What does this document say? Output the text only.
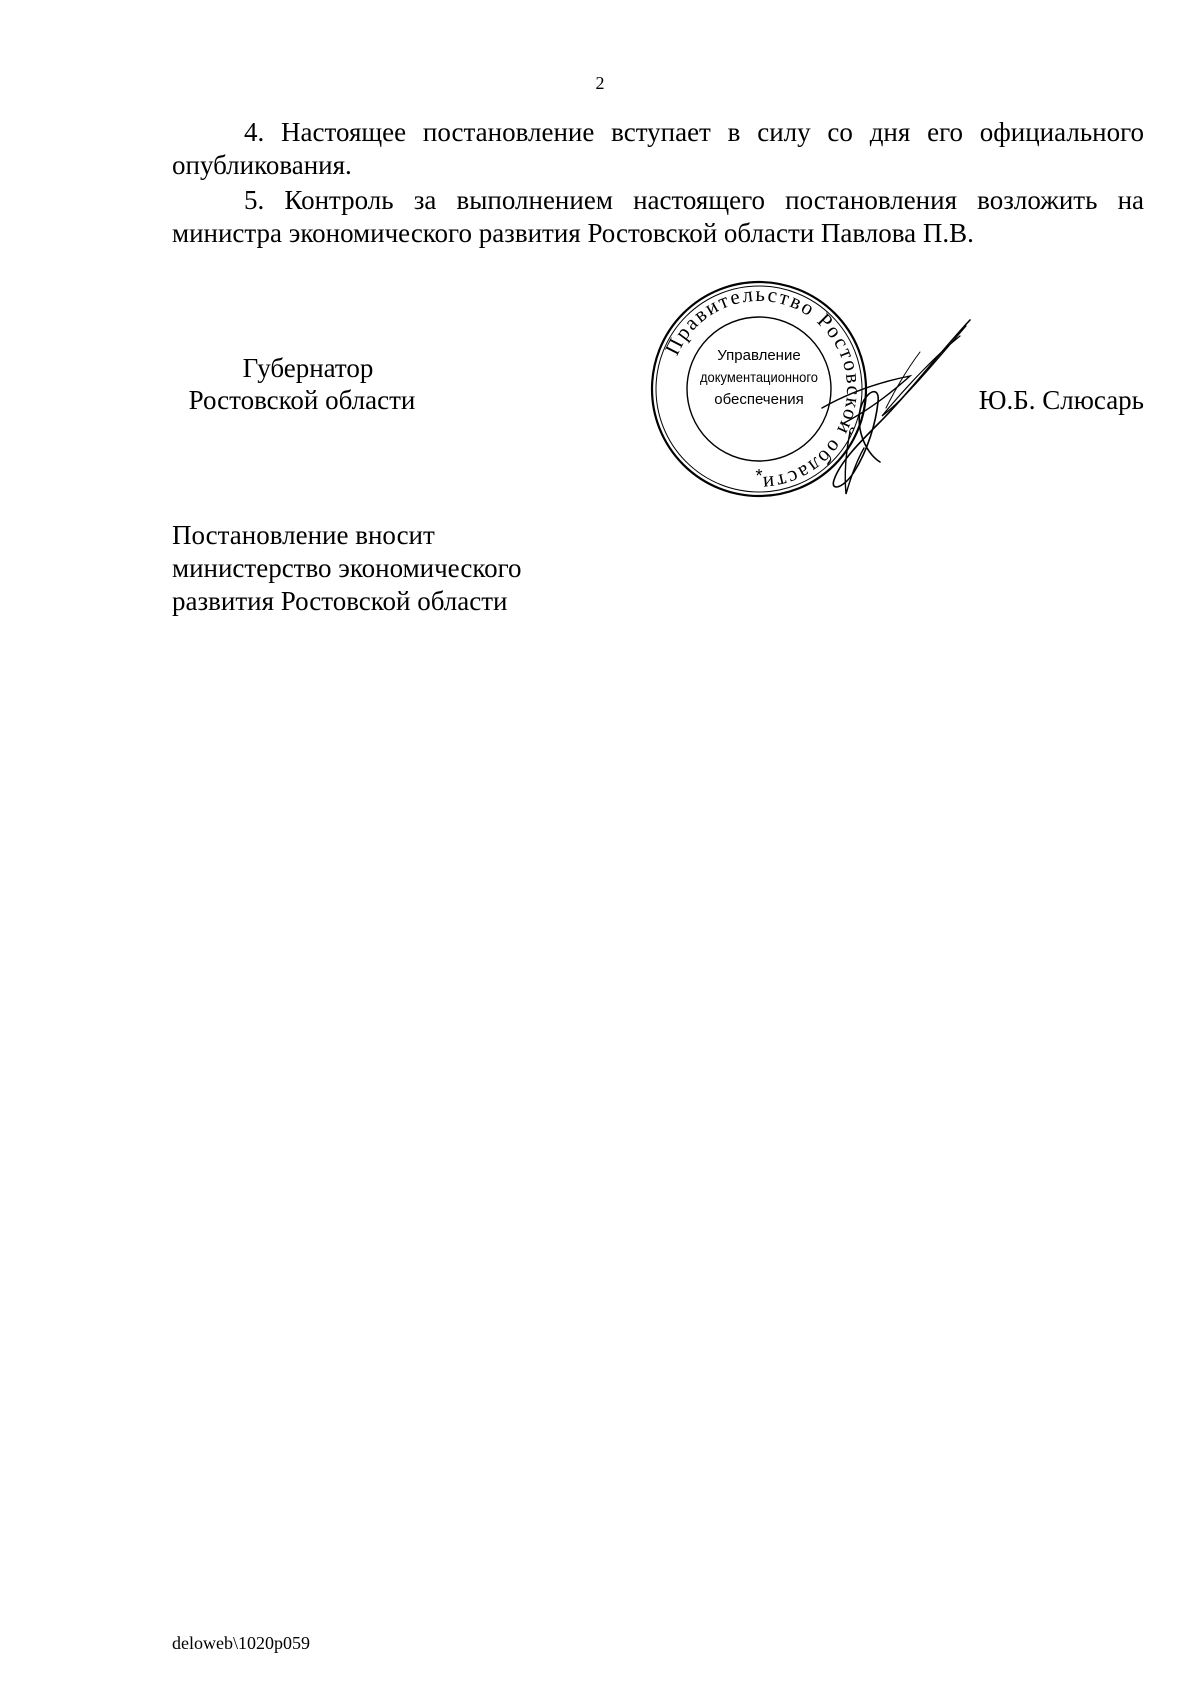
2

4. Настоящее постановление вступает в силу со дня его официального опубликования.

5. Контроль за выполнением настоящего постановления возложить на министра экономического развития Ростовской области Павлова П.В.

Губернатор
Ростовской области
Правительство Ростовской области
Управление
документационного
обеспечения
*
Ю.Б. Слюсарь
Постановление вносит
министерство экономического
развития Ростовской области
deloweb\1020p059
